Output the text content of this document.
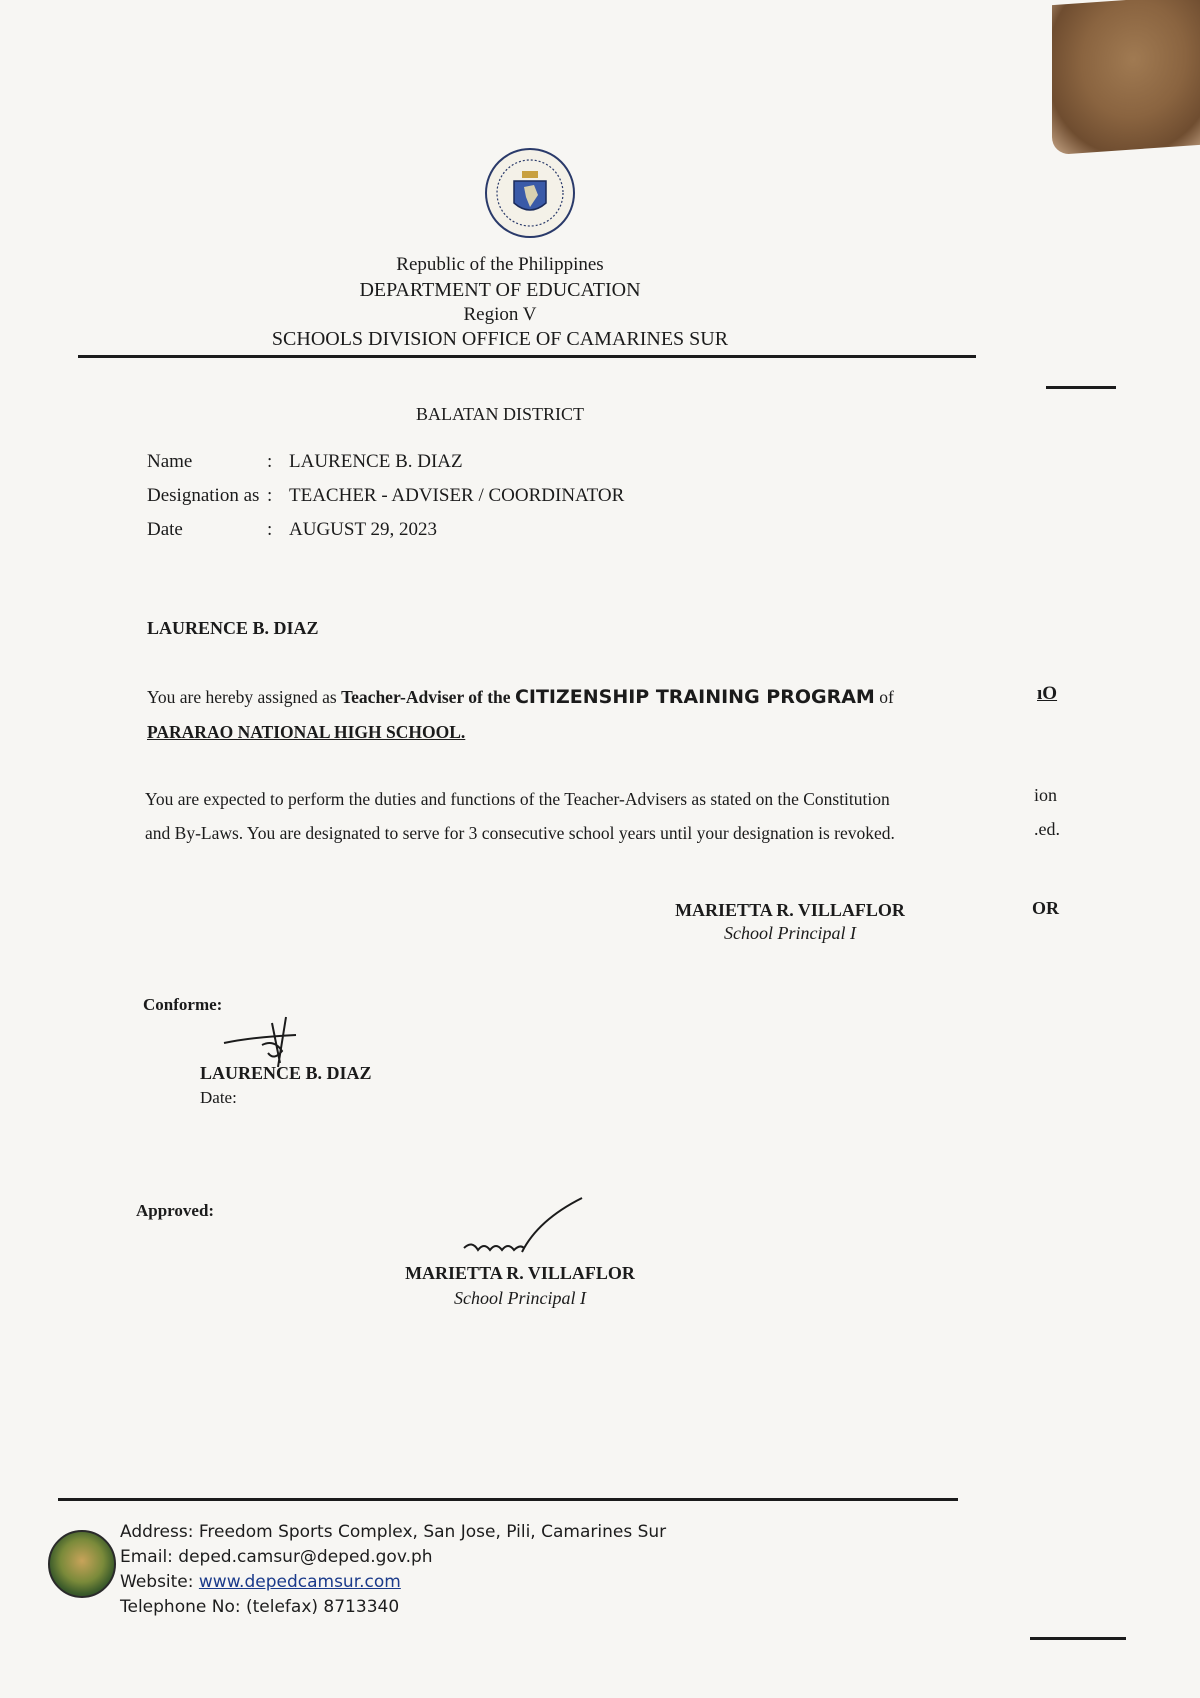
Republic of the Philippines
DEPARTMENT OF EDUCATION
Region V
SCHOOLS DIVISION OFFICE OF CAMARINES SUR
BALATAN DISTRICT
Name	: LAURENCE B. DIAZ
Designation as : TEACHER - ADVISER / COORDINATOR
Date	: AUGUST 29, 2023
LAURENCE B. DIAZ
You are hereby assigned as Teacher-Adviser of the CITIZENSHIP TRAINING PROGRAM of
PARARAO NATIONAL HIGH SCHOOL.
You are expected to perform the duties and functions of the Teacher-Advisers as stated on the Constitution
and By-Laws. You are designated to serve for 3 consecutive school years until your designation is revoked.
ıO
ion
.ed.
OR
MARIETTA R. VILLAFLOR
School Principal I
Conforme:
LAURENCE B. DIAZ
Date:
Approved:
MARIETTA R. VILLAFLOR
School Principal I
Address: Freedom Sports Complex, San Jose, Pili, Camarines Sur
Email: deped.camsur@deped.gov.ph
Website: www.depedcamsur.com
Telephone No: (telefax) 8713340
